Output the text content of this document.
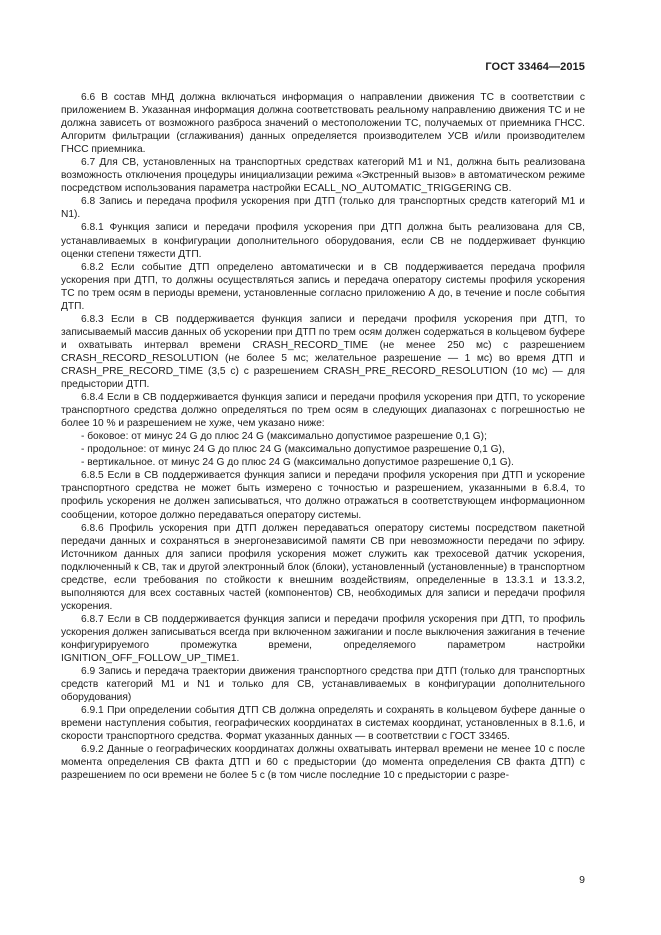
ГОСТ 33464—2015

6.6 В состав МНД должна включаться информация о направлении движения ТС в соответствии с приложением В. Указанная информация должна соответствовать реальному направлению движения ТС и не должна зависеть от возможного разброса значений о местоположении ТС, получаемых от приемника ГНСС. Алгоритм фильтрации (сглаживания) данных определяется производителем УСВ и/или производителем ГНСС приемника.

6.7 Для СВ, установленных на транспортных средствах категорий М1 и N1, должна быть реализована возможность отключения процедуры инициализации режима «Экстренный вызов» в автоматическом режиме посредством использования параметра настройки ECALL_NO_AUTOMATIC_TRIGGERING СВ.

6.8 Запись и передача профиля ускорения при ДТП (только для транспортных средств категорий М1 и N1).

6.8.1 Функция записи и передачи профиля ускорения при ДТП должна быть реализована для СВ, устанавливаемых в конфигурации дополнительного оборудования, если СВ не поддерживает функцию оценки степени тяжести ДТП.

6.8.2 Если событие ДТП определено автоматически и в СВ поддерживается передача профиля ускорения при ДТП, то должны осуществляться запись и передача оператору системы профиля ускорения ТС по трем осям в периоды времени, установленные согласно приложению А до, в течение и после события ДТП.

6.8.3 Если в СВ поддерживается функция записи и передачи профиля ускорения при ДТП, то записываемый массив данных об ускорении при ДТП по трем осям должен содержаться в кольцевом буфере и охватывать интервал времени CRASH_RECORD_TIME (не менее 250 мс) с разрешением CRASH_RECORD_RESOLUTION (не более 5 мс; желательное разрешение — 1 мс) во время ДТП и CRASH_PRE_RECORD_TIME (3,5 с) с разрешением CRASH_PRE_RECORD_RESOLUTION (10 мс) — для предыстории ДТП.

6.8.4 Если в СВ поддерживается функция записи и передачи профиля ускорения при ДТП, то ускорение транспортного средства должно определяться по трем осям в следующих диапазонах с погрешностью не более 10 % и разрешением не хуже, чем указано ниже:

- боковое: от минус 24 G до плюс 24 G (максимально допустимое разрешение 0,1 G);

- продольное: от минус 24 G до плюс 24 G (максимально допустимое разрешение 0,1 G),

- вертикальное. от минус 24 G до плюс 24 G (максимально допустимое разрешение 0,1 G).

6.8.5 Если в СВ поддерживается функция записи и передачи профиля ускорения при ДТП и ускорение транспортного средства не может быть измерено с точностью и разрешением, указанными в 6.8.4, то профиль ускорения не должен записываться, что должно отражаться в соответствующем информационном сообщении, которое должно передаваться оператору системы.

6.8.6 Профиль ускорения при ДТП должен передаваться оператору системы посредством пакетной передачи данных и сохраняться в энергонезависимой памяти СВ при невозможности передачи по эфиру. Источником данных для записи профиля ускорения может служить как трехосевой датчик ускорения, подключенный к СВ, так и другой электронный блок (блоки), установленный (установленные) в транспортном средстве, если требования по стойкости к внешним воздействиям, определенные в 13.3.1 и 13.3.2, выполняются для всех составных частей (компонентов) СВ, необходимых для записи и передачи профиля ускорения.

6.8.7 Если в СВ поддерживается функция записи и передачи профиля ускорения при ДТП, то профиль ускорения должен записываться всегда при включенном зажигании и после выключения зажигания в течение конфигурируемого промежутка времени, определяемого параметром настройки IGNITION_OFF_FOLLOW_UP_TIME1.

6.9 Запись и передача траектории движения транспортного средства при ДТП (только для транспортных средств категорий М1 и N1 и только для СВ, устанавливаемых в конфигурации дополнительного оборудования)

6.9.1 При определении события ДТП СВ должна определять и сохранять в кольцевом буфере данные о времени наступления события, географических координатах в системах координат, установленных в 8.1.6, и скорости транспортного средства. Формат указанных данных — в соответствии с ГОСТ 33465.

6.9.2 Данные о географических координатах должны охватывать интервал времени не менее 10 с после момента определения СВ факта ДТП и 60 с предыстории (до момента определения СВ факта ДТП) с разрешением по оси времени не более 5 с (в том числе последние 10 с предыстории с разре-

9
